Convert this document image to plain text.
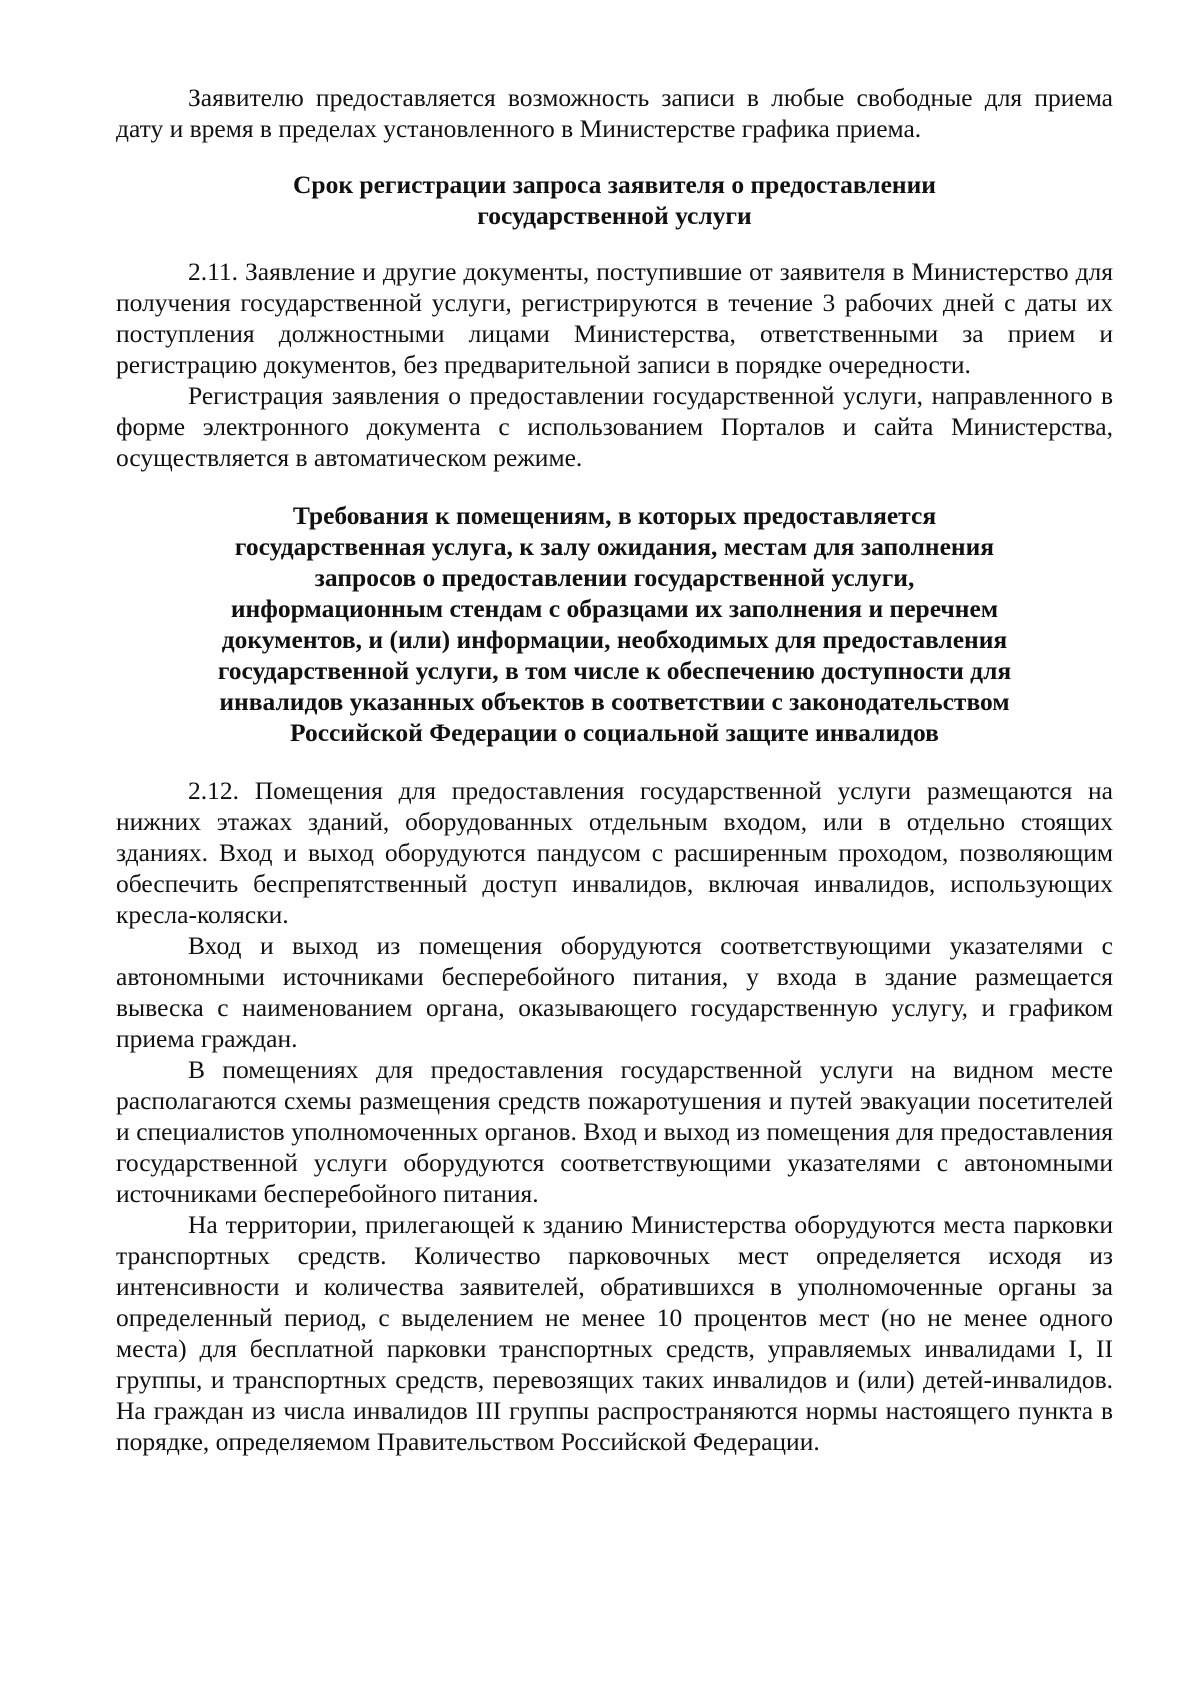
Заявителю предоставляется возможность записи в любые свободные для приема дату и время в пределах установленного в Министерстве графика приема.

Срок регистрации запроса заявителя о предоставлении государственной услуги

2.11. Заявление и другие документы, поступившие от заявителя в Министерство для получения государственной услуги, регистрируются в течение 3 рабочих дней с даты их поступления должностными лицами Министерства, ответственными за прием и регистрацию документов, без предварительной записи в порядке очередности.

Регистрация заявления о предоставлении государственной услуги, направленного в форме электронного документа с использованием Порталов и сайта Министерства, осуществляется в автоматическом режиме.

Требования к помещениям, в которых предоставляется государственная услуга, к залу ожидания, местам для заполнения запросов о предоставлении государственной услуги, информационным стендам с образцами их заполнения и перечнем документов, и (или) информации, необходимых для предоставления государственной услуги, в том числе к обеспечению доступности для инвалидов указанных объектов в соответствии с законодательством Российской Федерации о социальной защите инвалидов

2.12. Помещения для предоставления государственной услуги размещаются на нижних этажах зданий, оборудованных отдельным входом, или в отдельно стоящих зданиях. Вход и выход оборудуются пандусом с расширенным проходом, позволяющим обеспечить беспрепятственный доступ инвалидов, включая инвалидов, использующих кресла-коляски.

Вход и выход из помещения оборудуются соответствующими указателями с автономными источниками бесперебойного питания, у входа в здание размещается вывеска с наименованием органа, оказывающего государственную услугу, и графиком приема граждан.

В помещениях для предоставления государственной услуги на видном месте располагаются схемы размещения средств пожаротушения и путей эвакуации посетителей и специалистов уполномоченных органов. Вход и выход из помещения для предоставления государственной услуги оборудуются соответствующими указателями с автономными источниками бесперебойного питания.

На территории, прилегающей к зданию Министерства оборудуются места парковки транспортных средств. Количество парковочных мест определяется исходя из интенсивности и количества заявителей, обратившихся в уполномоченные органы за определенный период, с выделением не менее 10 процентов мест (но не менее одного места) для бесплатной парковки транспортных средств, управляемых инвалидами I, II группы, и транспортных средств, перевозящих таких инвалидов и (или) детей-инвалидов. На граждан из числа инвалидов III группы распространяются нормы настоящего пункта в порядке, определяемом Правительством Российской Федерации.
